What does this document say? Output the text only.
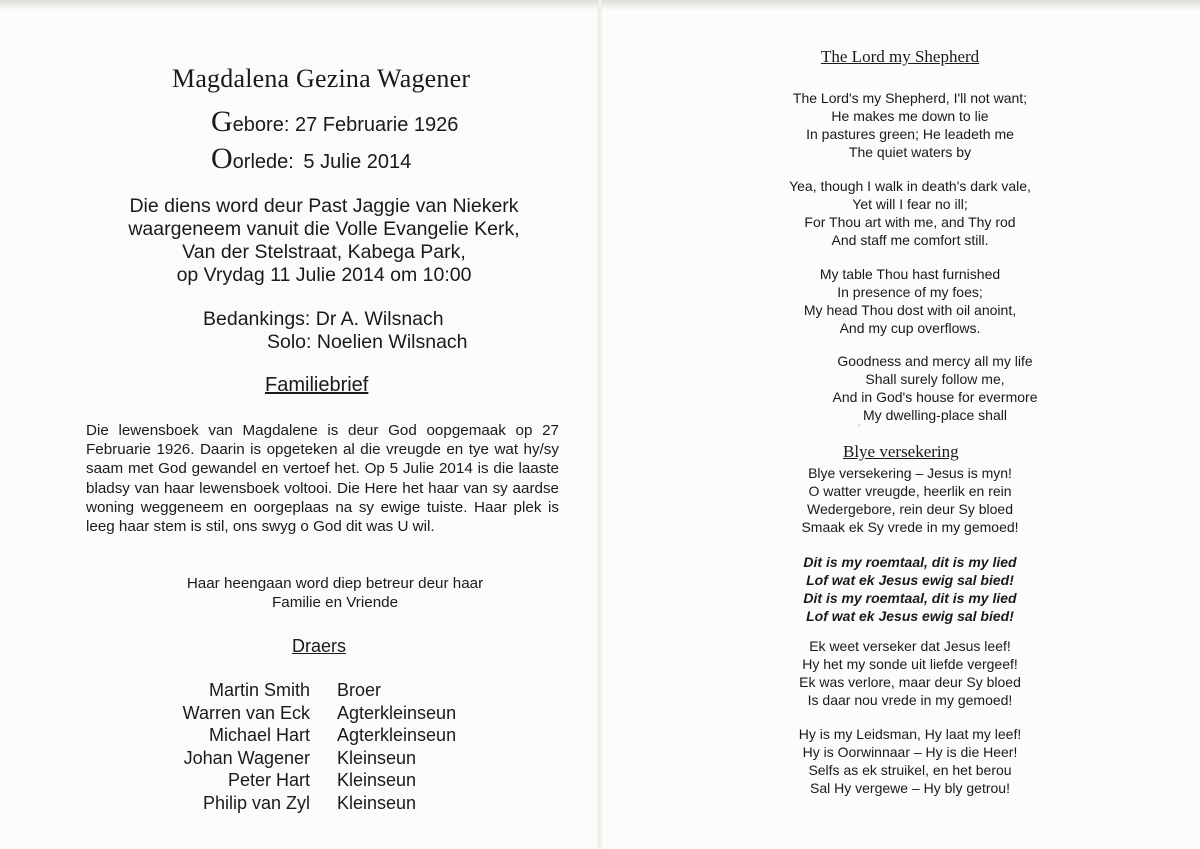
Magdalena Gezina Wagener
Gebore: 27 Februarie 1926
Oorlede: 5 Julie 2014
Die diens word deur Past Jaggie van Niekerk
waargeneem vanuit die Volle Evangelie Kerk,
Van der Stelstraat, Kabega Park,
op Vrydag 11 Julie 2014 om 10:00
Bedankings: Dr A. Wilsnach
Solo: Noelien Wilsnach
Familiebrief
Die lewensboek van Magdalene is deur God oopgemaak op 27 Februarie 1926. Daarin is opgeteken al die vreugde en tye wat hy/sy saam met God gewandel en vertoef het. Op 5 Julie 2014 is die laaste bladsy van haar lewensboek voltooi. Die Here het haar van sy aardse woning weggeneem en oorgeplaas na sy ewige tuiste. Haar plek is leeg haar stem is stil, ons swyg o God dit was U wil.
Haar heengaan word diep betreur deur haar
Familie en Vriende
Draers
Martin Smith Broer
Warren van Eck Agterkleinseun
Michael Hart Agterkleinseun
Johan Wagener Kleinseun
Peter Hart Kleinseun
Philip van Zyl Kleinseun
The Lord my Shepherd
The Lord's my Shepherd, I'll not want;
He makes me down to lie
In pastures green; He leadeth me
The quiet waters by
Yea, though I walk in death's dark vale,
Yet will I fear no ill;
For Thou art with me, and Thy rod
And staff me comfort still.
My table Thou hast furnished
In presence of my foes;
My head Thou dost with oil anoint,
And my cup overflows.
Goodness and mercy all my life
Shall surely follow me,
And in God's house for evermore
My dwelling-place shall
‘
Blye versekering
Blye versekering – Jesus is myn!
O watter vreugde, heerlik en rein
Wedergebore, rein deur Sy bloed
Smaak ek Sy vrede in my gemoed!
Dit is my roemtaal, dit is my lied
Lof wat ek Jesus ewig sal bied!
Dit is my roemtaal, dit is my lied
Lof wat ek Jesus ewig sal bied!
Ek weet verseker dat Jesus leef!
Hy het my sonde uit liefde vergeef!
Ek was verlore, maar deur Sy bloed
Is daar nou vrede in my gemoed!
Hy is my Leidsman, Hy laat my leef!
Hy is Oorwinnaar – Hy is die Heer!
Selfs as ek struikel, en het berou
Sal Hy vergewe – Hy bly getrou!
